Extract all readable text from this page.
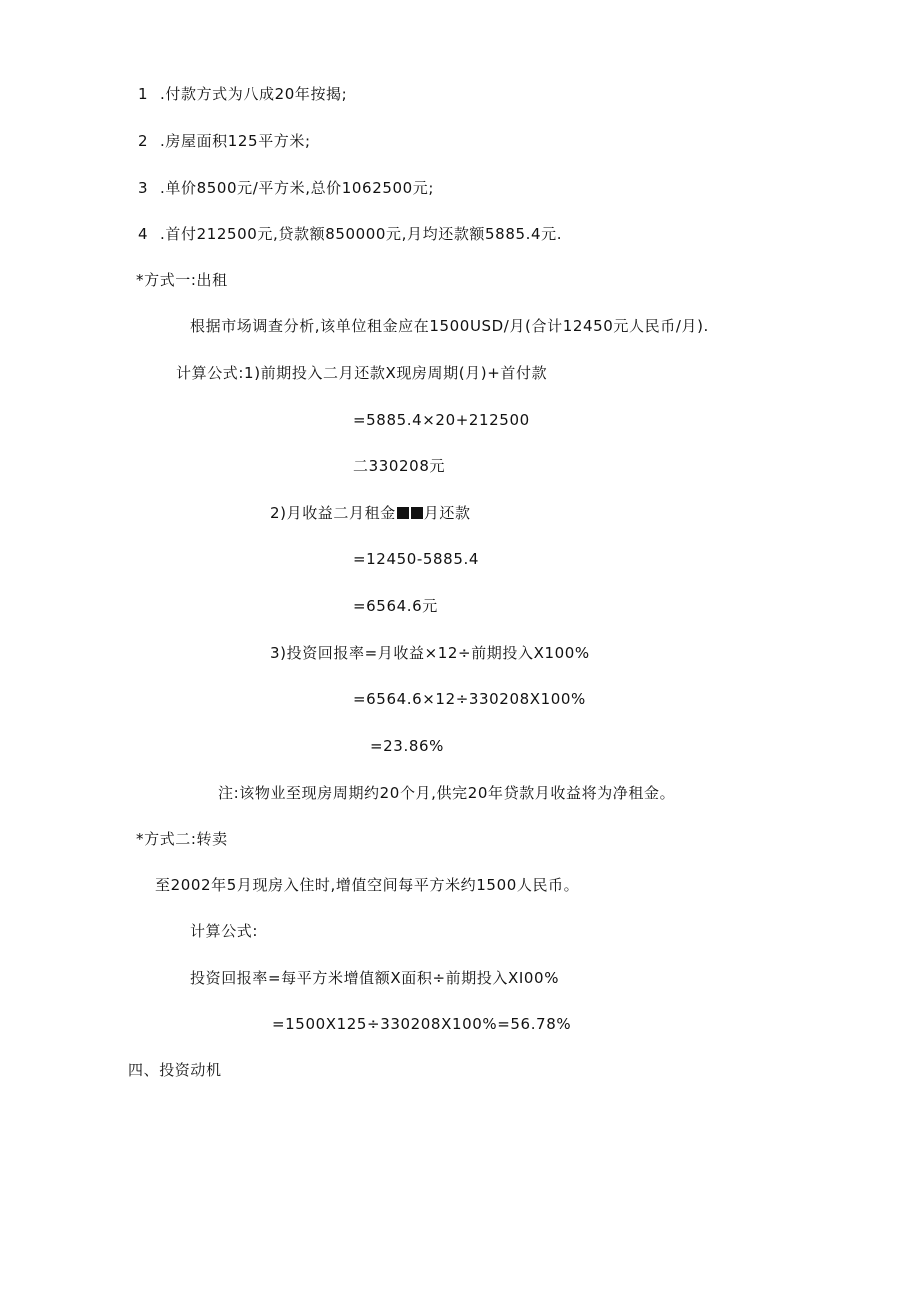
1 .付款方式为八成20年按揭;
2 .房屋面积125平方米;
3 .单价8500元/平方米,总价1062500元;
4 .首付212500元,贷款额850000元,月均还款额5885.4元.
*方式一:出租
根据市场调查分析,该单位租金应在1500USD/月(合计12450元人民币/月).
计算公式:1)前期投入二月还款X现房周期(月)+首付款
=5885.4×20+212500
二330208元
2)月收益二月租金 月还款
=12450-5885.4
=6564.6元
3)投资回报率=月收益×12÷前期投入X100%
=6564.6×12÷330208X100%
=23.86%
注:该物业至现房周期约20个月,供完20年贷款月收益将为净租金。
*方式二:转卖
至2002年5月现房入住时,增值空间每平方米约1500人民币。
计算公式:
投资回报率=每平方米增值额X面积÷前期投入XI00%
=1500X125÷330208X100%=56.78%
四、投资动机
